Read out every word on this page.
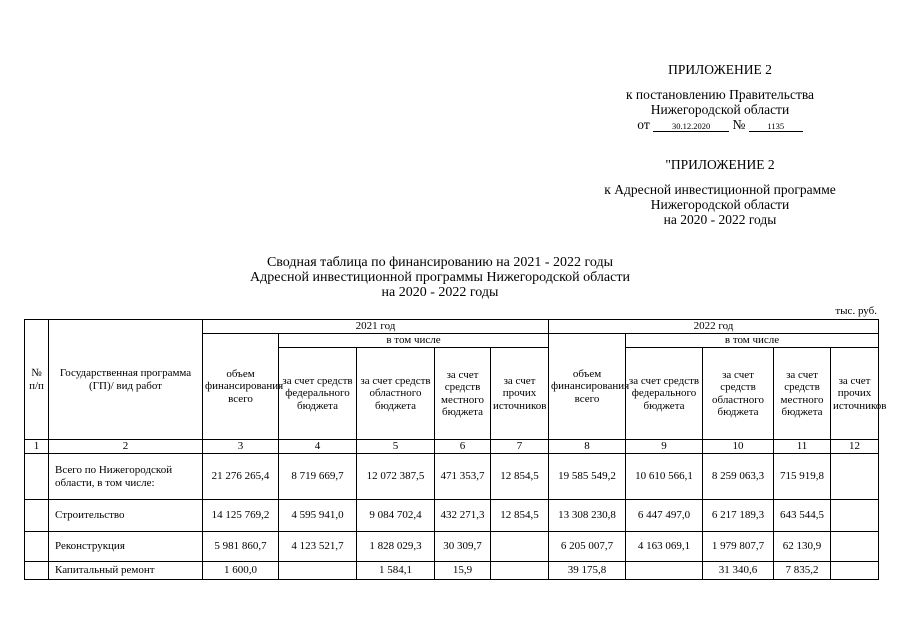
ПРИЛОЖЕНИЕ 2
к постановлению Правительства
Нижегородской области
от	30.12.2020 №	1135
"ПРИЛОЖЕНИЕ 2
к Адресной инвестиционной программе
Нижегородской области
на 2020 - 2022 годы
Сводная таблица по финансированию на 2021 - 2022 годы
Адресной инвестиционной программы Нижегородской области
на 2020 - 2022 годы
тыс. руб.
№ п/п	Государственная программа (ГП)/ вид работ	2021 год					2022 год				
		объем финансирования всего	в том числе				объем финансирования всего	в том числе			
			за счет средств федерального бюджета	за счет средств областного бюджета	за счет средств местного бюджета	за счет прочих источников		за счет средств федерального бюджета	за счет средств областного бюджета	за счет средств местного бюджета	за счет прочих источников
1	2	3	4	5	6	7	8	9	10	11	12
	Всего по Нижегородской области, в том числе:	21 276 265,4	8 719 669,7	12 072 387,5	471 353,7	12 854,5	19 585 549,2	10 610 566,1	8 259 063,3	715 919,8	
	Строительство	14 125 769,2	4 595 941,0	9 084 702,4	432 271,3	12 854,5	13 308 230,8	6 447 497,0	6 217 189,3	643 544,5	
	Реконструкция	5 981 860,7	4 123 521,7	1 828 029,3	30 309,7		6 205 007,7	4 163 069,1	1 979 807,7	62 130,9	
	Капитальный ремонт	1 600,0		1 584,1	15,9		39 175,8		31 340,6	7 835,2	
